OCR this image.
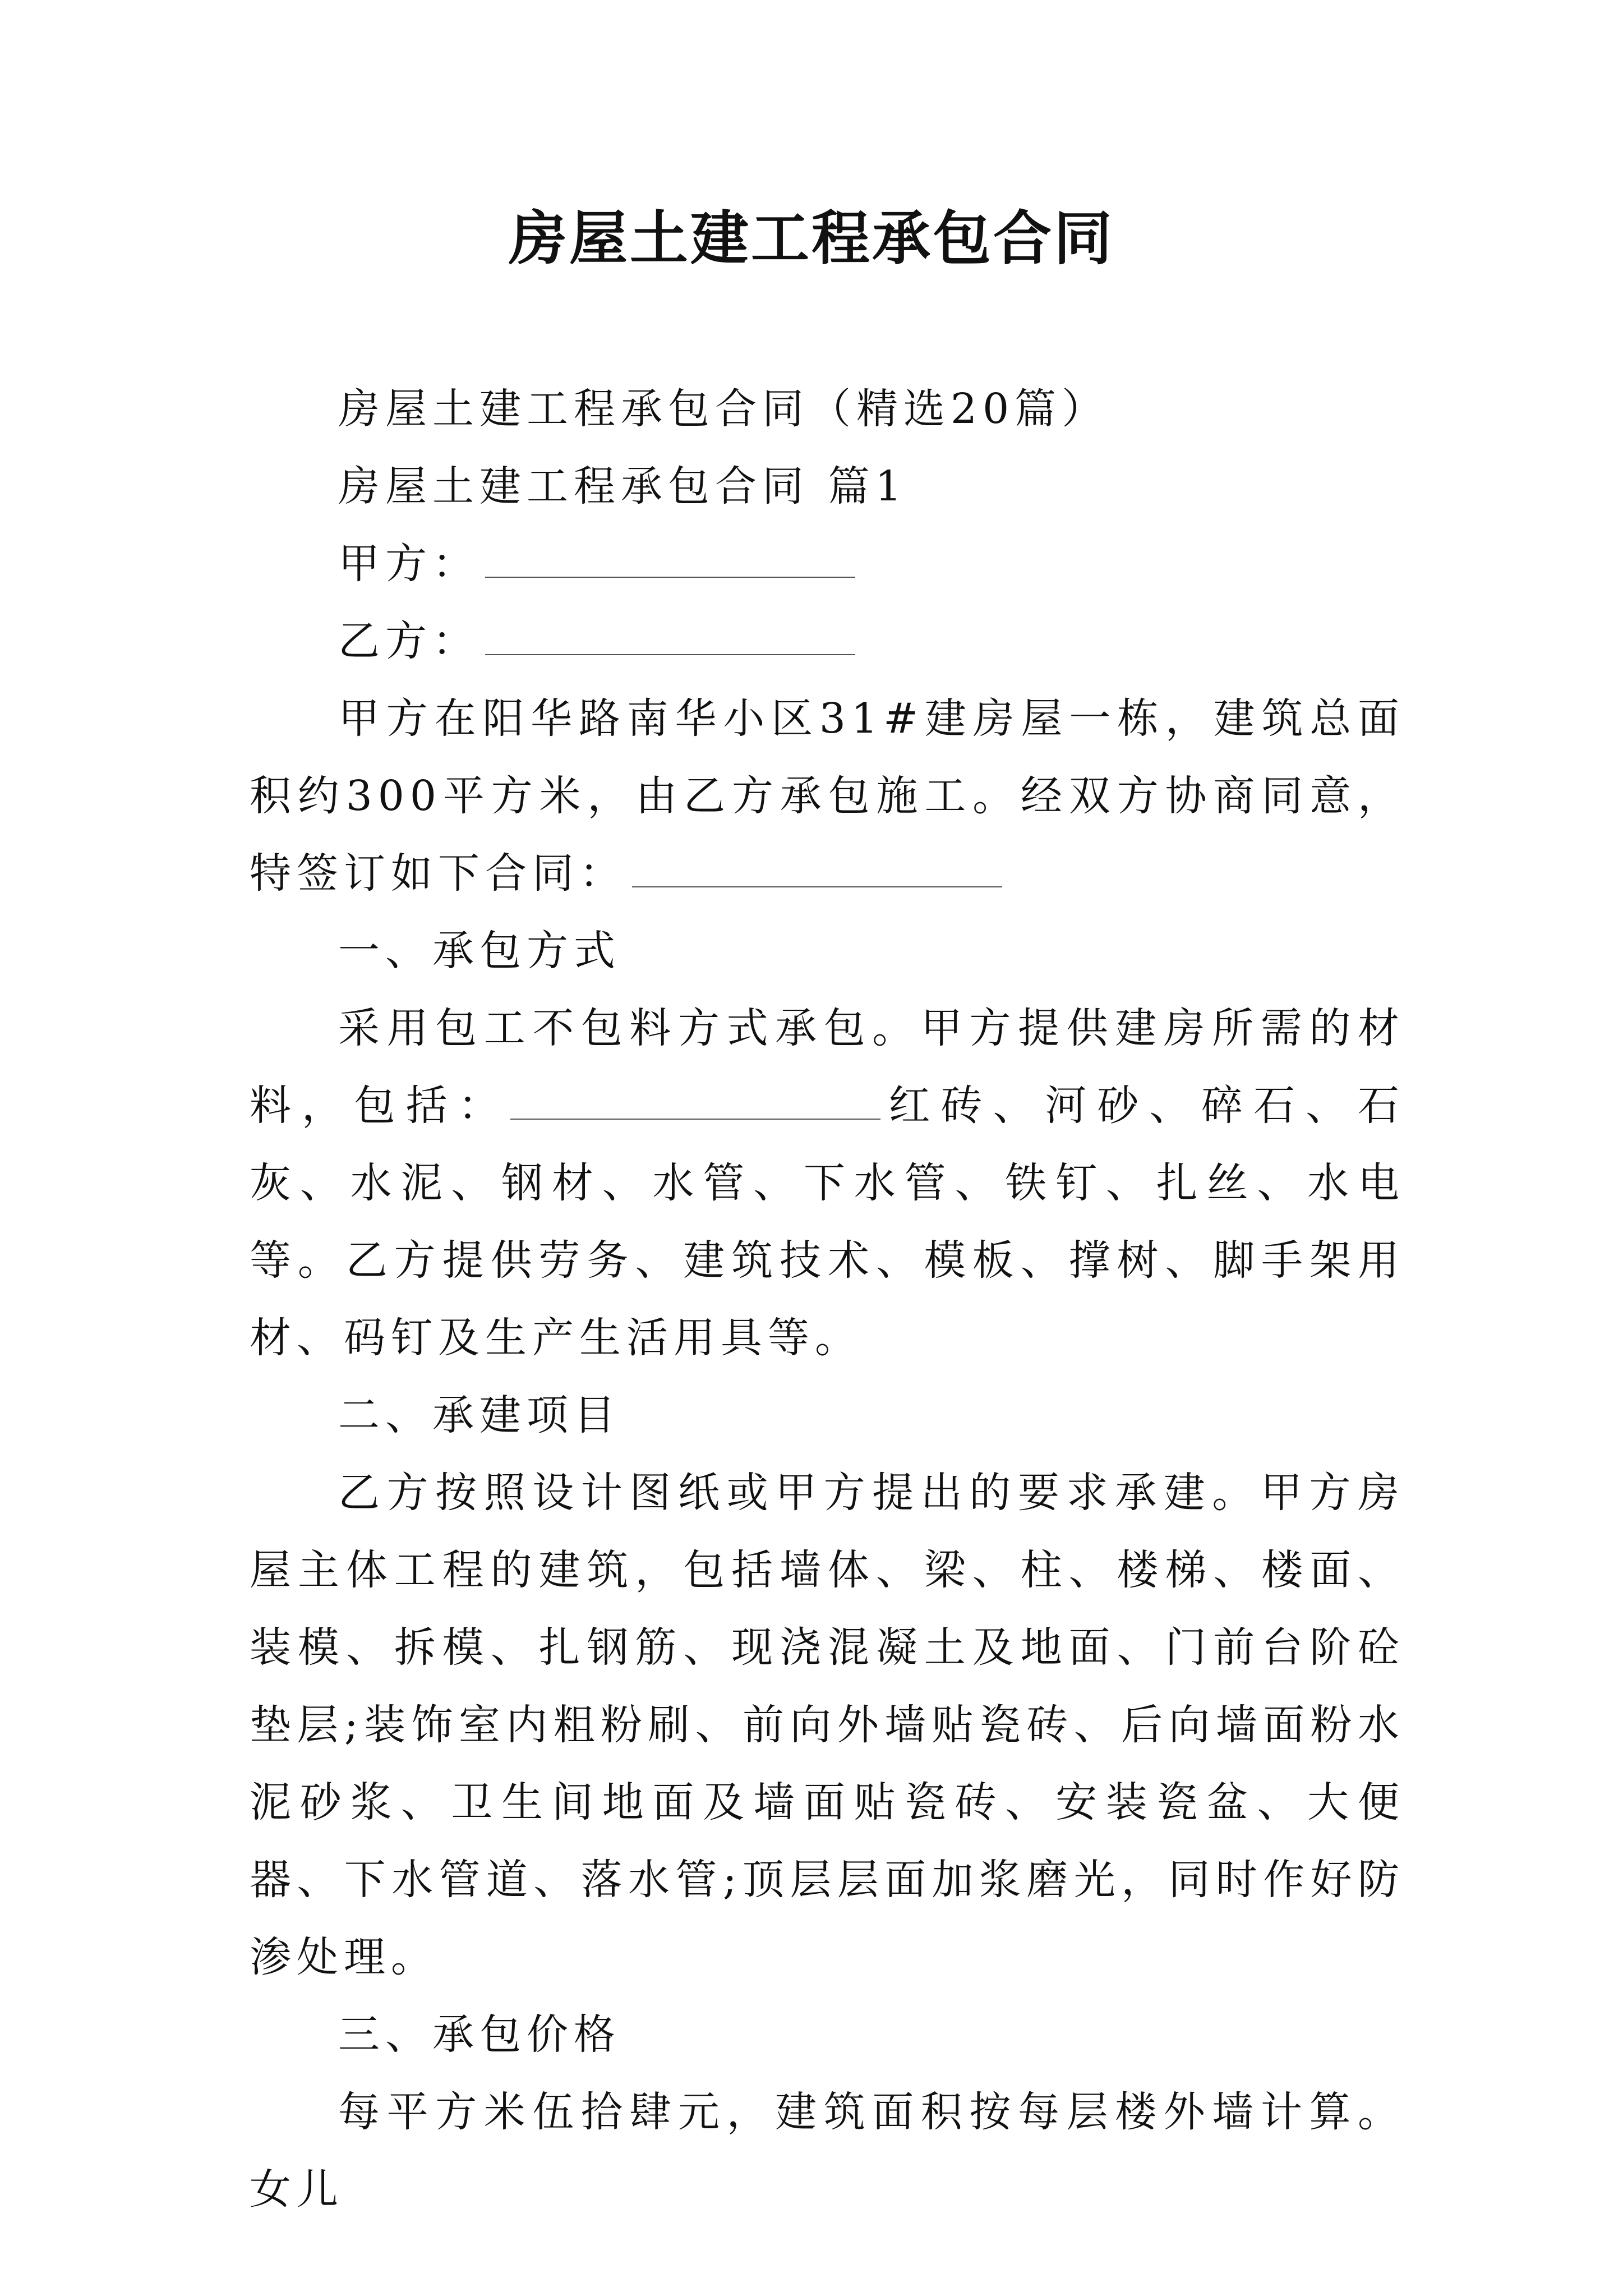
房屋土建工程承包合同

房屋土建工程承包合同（精选20篇）

房屋土建工程承包合同 篇1

甲方：

乙方：

甲方在阳华路南华小区31#建房屋一栋，建筑总面积约300平方米，由乙方承包施工。经双方协商同意，特签订如下合同：

一、承包方式

采用包工不包料方式承包。甲方提供建房所需的材料，包括：	红砖、河砂、碎石、石灰、水泥、钢材、水管、下水管、铁钉、扎丝、水电等。乙方提供劳务、建筑技术、模板、撑树、脚手架用材、码钉及生产生活用具等。

二、承建项目

乙方按照设计图纸或甲方提出的要求承建。甲方房屋主体工程的建筑，包括墙体、梁、柱、楼梯、楼面、装模、拆模、扎钢筋、现浇混凝土及地面、门前台阶砼垫层;装饰室内粗粉刷、前向外墙贴瓷砖、后向墙面粉水泥砂浆、卫生间地面及墙面贴瓷砖、安装瓷盆、大便器、下水管道、落水管;顶层层面加浆磨光，同时作好防渗处理。

三、承包价格

每平方米伍拾肆元，建筑面积按每层楼外墙计算。女儿
